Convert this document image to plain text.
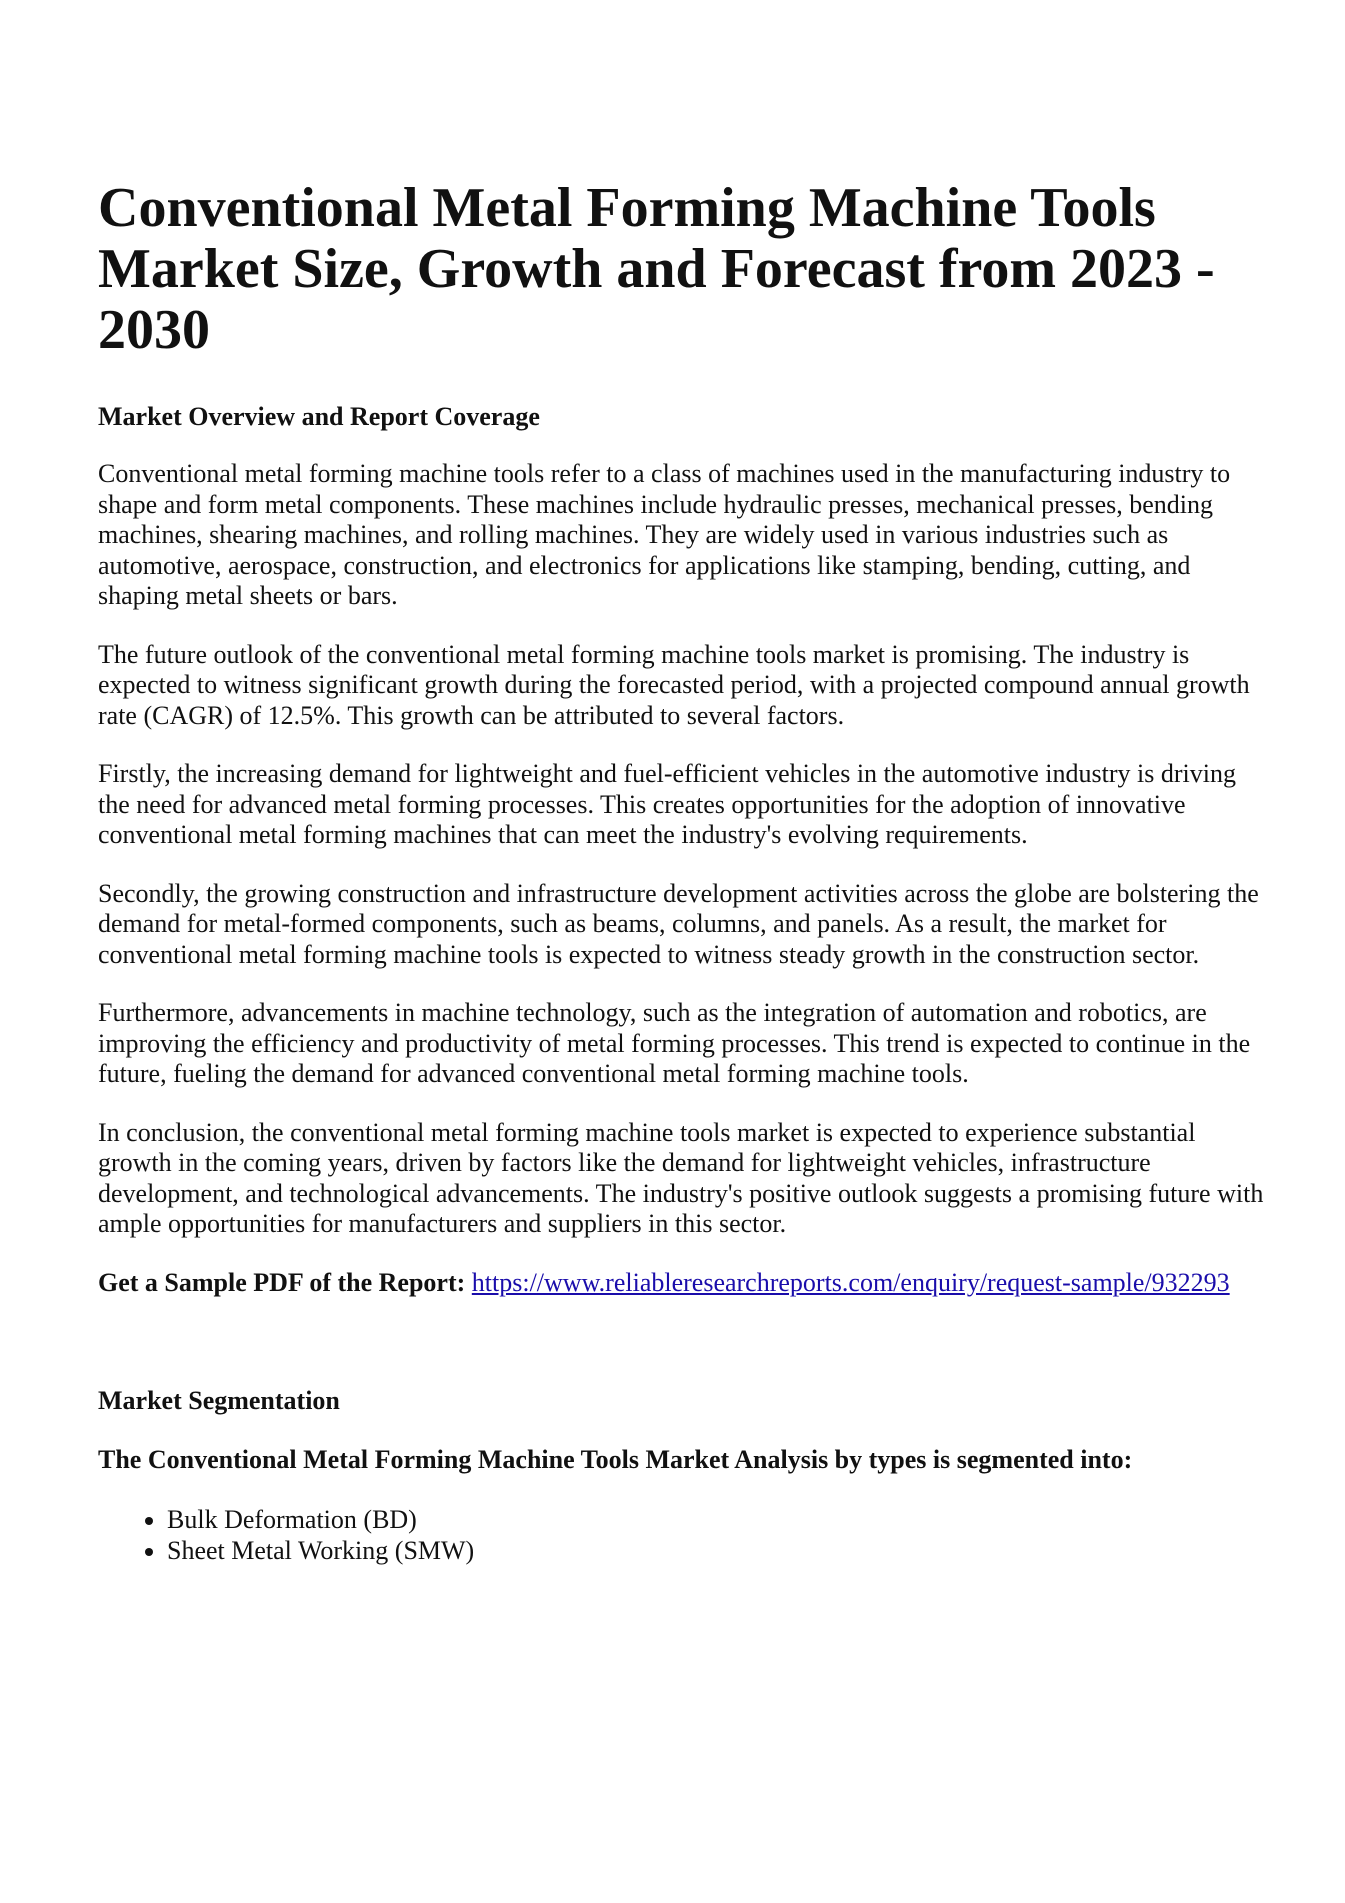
Conventional Metal Forming Machine Tools Market Size, Growth and Forecast from 2023 - 2030
Market Overview and Report Coverage

Conventional metal forming machine tools refer to a class of machines used in the manufacturing industry to shape and form metal components. These machines include hydraulic presses, mechanical presses, bending machines, shearing machines, and rolling machines. They are widely used in various industries such as automotive, aerospace, construction, and electronics for applications like stamping, bending, cutting, and shaping metal sheets or bars.

The future outlook of the conventional metal forming machine tools market is promising. The industry is expected to witness significant growth during the forecasted period, with a projected compound annual growth rate (CAGR) of 12.5%. This growth can be attributed to several factors.

Firstly, the increasing demand for lightweight and fuel-efficient vehicles in the automotive industry is driving the need for advanced metal forming processes. This creates opportunities for the adoption of innovative conventional metal forming machines that can meet the industry's evolving requirements.

Secondly, the growing construction and infrastructure development activities across the globe are bolstering the demand for metal-formed components, such as beams, columns, and panels. As a result, the market for conventional metal forming machine tools is expected to witness steady growth in the construction sector.

Furthermore, advancements in machine technology, such as the integration of automation and robotics, are improving the efficiency and productivity of metal forming processes. This trend is expected to continue in the future, fueling the demand for advanced conventional metal forming machine tools.

In conclusion, the conventional metal forming machine tools market is expected to experience substantial growth in the coming years, driven by factors like the demand for lightweight vehicles, infrastructure development, and technological advancements. The industry's positive outlook suggests a promising future with ample opportunities for manufacturers and suppliers in this sector.

Get a Sample PDF of the Report: https://www.reliableresearchreports.com/enquiry/request-sample/932293

Market Segmentation
The Conventional Metal Forming Machine Tools Market Analysis by types is segmented into:
• Bulk Deformation (BD)
• Sheet Metal Working (SMW)
